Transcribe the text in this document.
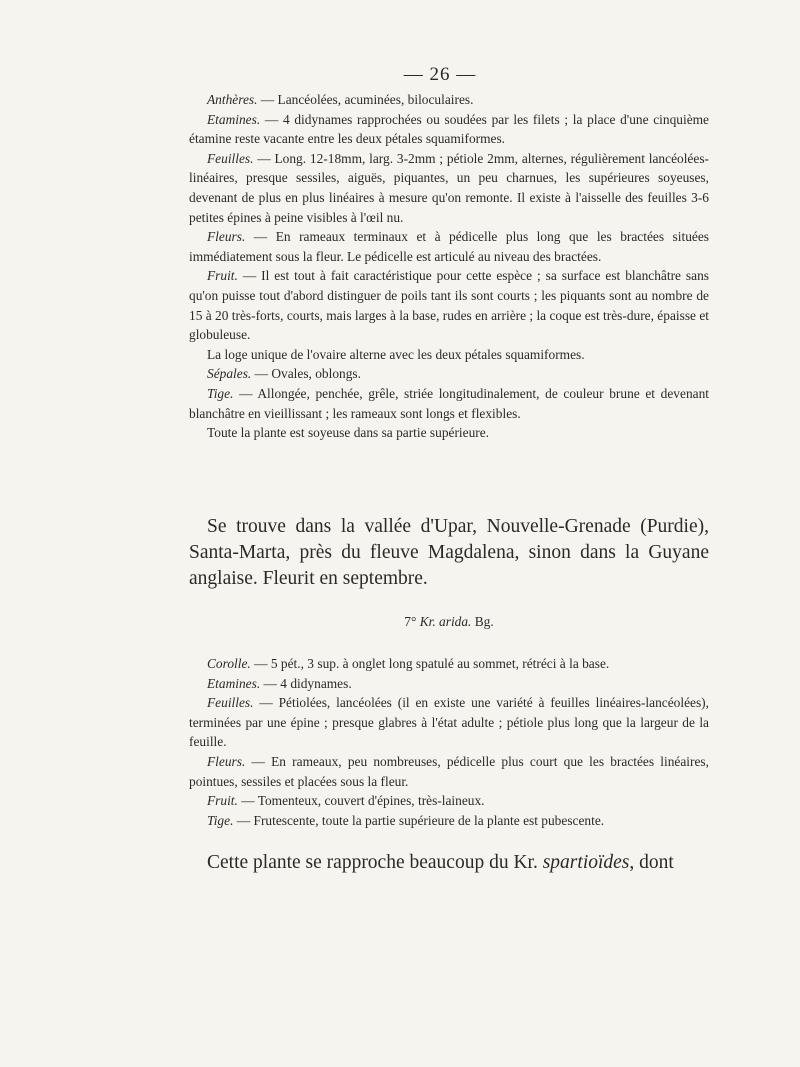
— 26 —

Anthères. — Lancéolées, acuminées, biloculaires.

Etamines. — 4 didynames rapprochées ou soudées par les filets ; la place d'une cinquième étamine reste vacante entre les deux pétales squamiformes.

Feuilles. — Long. 12-18mm, larg. 3-2mm ; pétiole 2mm, alternes, régulièrement lancéolées-linéaires, presque sessiles, aiguës, piquantes, un peu charnues, les supérieures soyeuses, devenant de plus en plus linéaires à mesure qu'on remonte. Il existe à l'aisselle des feuilles 3-6 petites épines à peine visibles à l'œil nu.

Fleurs. — En rameaux terminaux et à pédicelle plus long que les bractées situées immédiatement sous la fleur. Le pédicelle est articulé au niveau des bractées.

Fruit. — Il est tout à fait caractéristique pour cette espèce ; sa surface est blanchâtre sans qu'on puisse tout d'abord distinguer de poils tant ils sont courts ; les piquants sont au nombre de 15 à 20 très-forts, courts, mais larges à la base, rudes en arrière ; la coque est très-dure, épaisse et globuleuse.

La loge unique de l'ovaire alterne avec les deux pétales squamiformes.

Sépales. — Ovales, oblongs.

Tige. — Allongée, penchée, grêle, striée longitudinalement, de couleur brune et devenant blanchâtre en vieillissant ; les rameaux sont longs et flexibles.

Toute la plante est soyeuse dans sa partie supérieure.

Se trouve dans la vallée d'Upar, Nouvelle-Grenade (Purdie), Santa-Marta, près du fleuve Magdalena, sinon dans la Guyane anglaise. Fleurit en septembre.

7° Kr. arida. Bg.

Corolle. — 5 pét., 3 sup. à onglet long spatulé au sommet, rétréci à la base.

Etamines. — 4 didynames.

Feuilles. — Pétiolées, lancéolées (il en existe une variété à feuilles linéaires-lancéolées), terminées par une épine ; presque glabres à l'état adulte ; pétiole plus long que la largeur de la feuille.

Fleurs. — En rameaux, peu nombreuses, pédicelle plus court que les bractées linéaires, pointues, sessiles et placées sous la fleur.

Fruit. — Tomenteux, couvert d'épines, très-laineux.

Tige. — Frutescente, toute la partie supérieure de la plante est pubescente.

Cette plante se rapproche beaucoup du Kr. spartioïdes, dont
